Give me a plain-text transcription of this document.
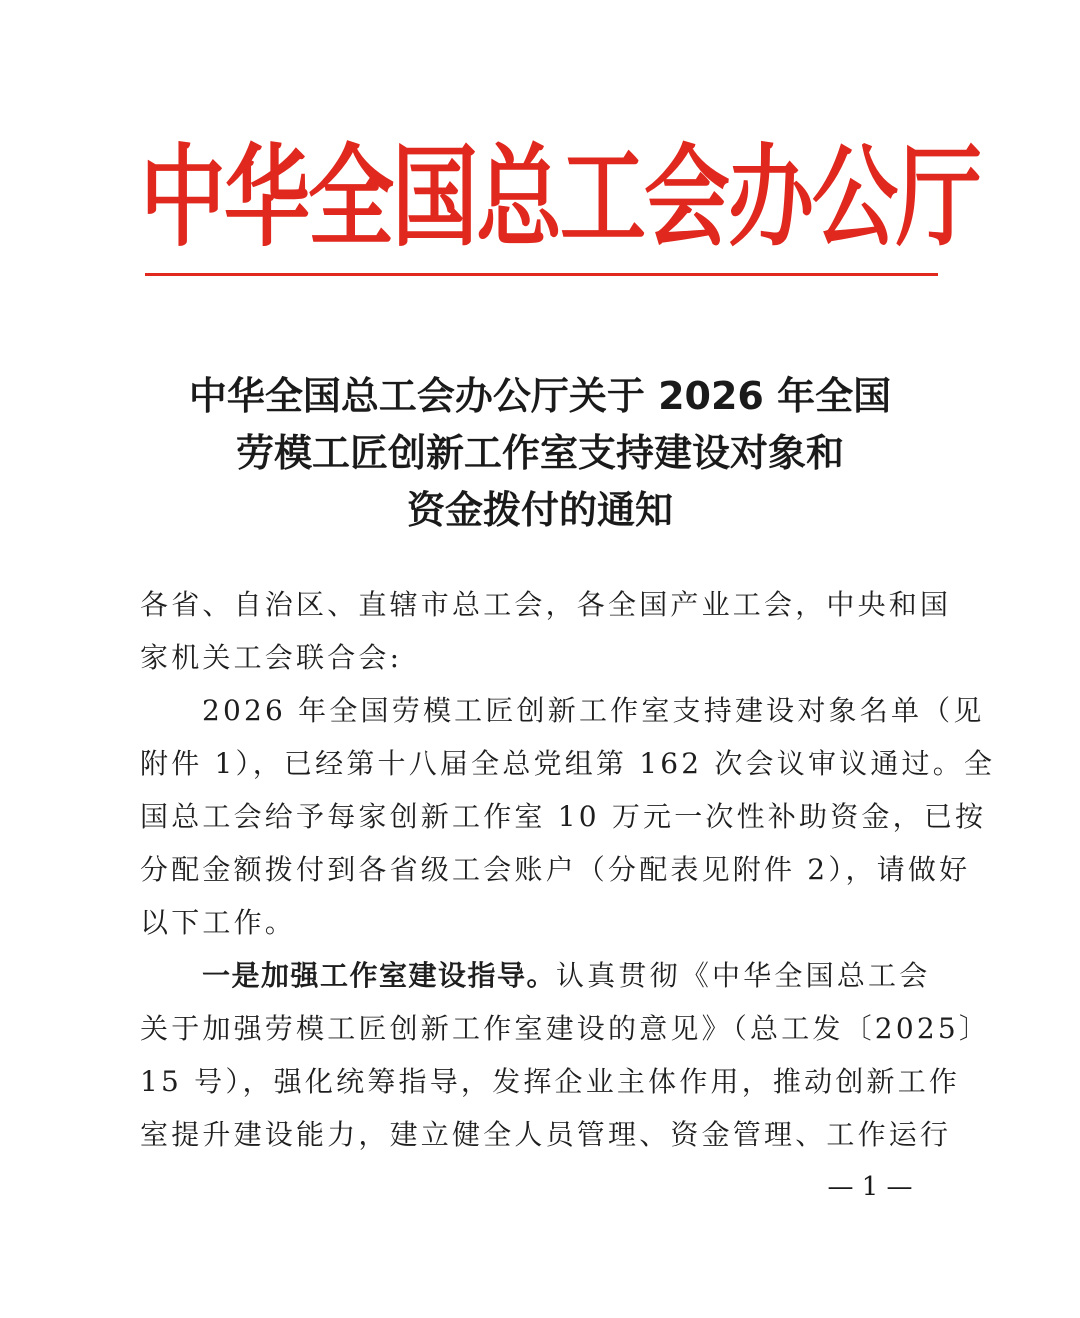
中华全国总工会办公厅
中华全国总工会办公厅关于 2026 年全国
劳模工匠创新工作室支持建设对象和
资金拨付的通知
各省、自治区、直辖市总工会，各全国产业工会，中央和国
家机关工会联合会:
2026 年全国劳模工匠创新工作室支持建设对象名单（见
附件 1），已经第十八届全总党组第 162 次会议审议通过。全
国总工会给予每家创新工作室 10 万元一次性补助资金，已按
分配金额拨付到各省级工会账户（分配表见附件 2），请做好
以下工作。
一是加强工作室建设指导。认真贯彻《中华全国总工会
关于加强劳模工匠创新工作室建设的意见》（总工发〔2025〕
15 号），强化统筹指导，发挥企业主体作用，推动创新工作
室提升建设能力，建立健全人员管理、资金管理、工作运行
— 1 —
